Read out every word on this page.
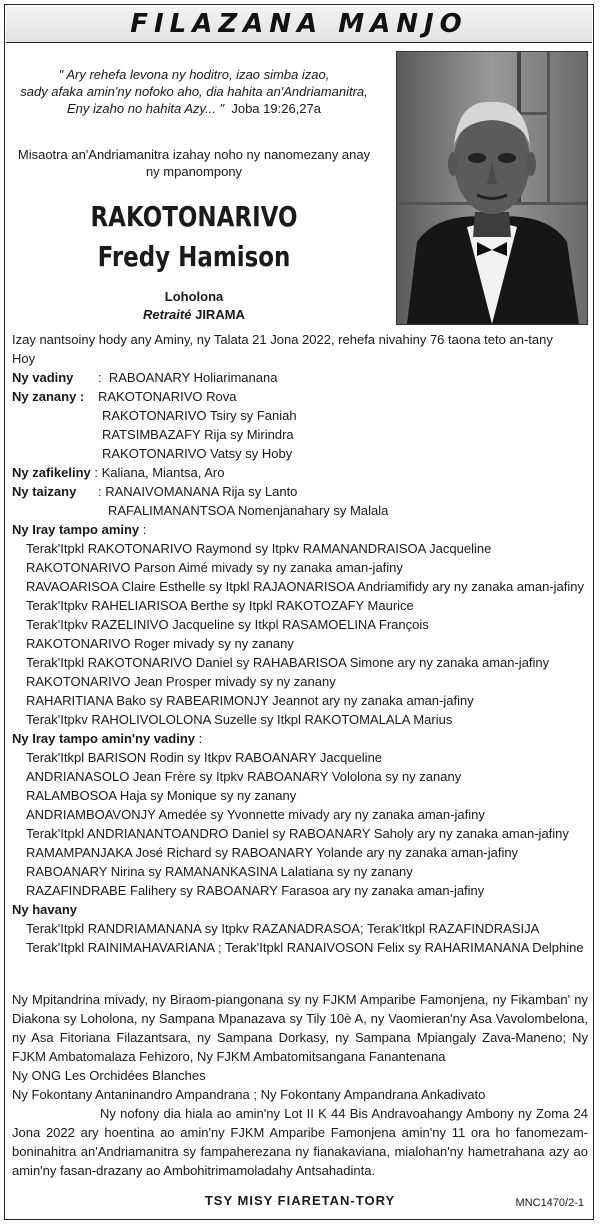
FILAZANA MANJO
" Ary rehefa levona ny hoditro, izao simba izao,
sady afaka amin'ny nofoko aho, dia hahita an'Andriamanitra,
Eny izaho no hahita Azy... " Joba 19:26,27a
Misaotra an'Andriamanitra izahay noho ny nanomezany anay
ny mpanompony
RAKOTONARIVO
Fredy Hamison
Loholona
Retraité JIRAMA
Izay nantsoiny hody any Aminy, ny Talata 21 Jona 2022, rehefa nivahiny 76 taona teto an-tany
Hoy
Ny vadiny :  RABOANARY Holiarimanana
Ny zanany : RAKOTONARIVO Rova
RAKOTONARIVO Tsiry sy Faniah
RATSIMBAZAFY Rija sy Mirindra
RAKOTONARIVO Vatsy sy Hoby
Ny zafikeliny : Kaliana, Miantsa, Aro
Ny taizany : RANAIVOMANANA Rija sy Lanto
RAFALIMANANTSOA Nomenjanahary sy Malala
Ny Iray tampo aminy :
Terak'Itpkl RAKOTONARIVO Raymond sy Itpkv RAMANANDRAISOA Jacqueline
RAKOTONARIVO Parson Aimé mivady sy ny zanaka aman-jafiny
RAVAOARISOA Claire Esthelle sy Itpkl RAJAONARISOA Andriamifidy ary ny zanaka aman-jafiny
Terak'Itpkv RAHELIARISOA Berthe sy Itpkl RAKOTOZAFY Maurice
Terak'Itpkv RAZELINIVO Jacqueline sy Itkpl RASAMOELINA François
RAKOTONARIVO Roger mivady sy ny zanany
Terak'Itpkl RAKOTONARIVO Daniel sy RAHABARISOA Simone ary ny zanaka aman-jafiny
RAKOTONARIVO Jean Prosper mivady sy ny zanany
RAHARITIANA Bako sy RABEARIMONJY Jeannot ary ny zanaka aman-jafiny
Terak'Itpkv RAHOLIVOLOLONA Suzelle sy Itkpl RAKOTOMALALA Marius
Ny Iray tampo amin'ny vadiny :
Terak'Itkpl BARISON Rodin sy Itkpv RABOANARY Jacqueline
ANDRIANASOLO Jean Frère sy Itpkv RABOANARY Vololona sy ny zanany
RALAMBOSOA Haja sy Monique sy ny zanany
ANDRIAMBOAVONJY Amedée sy Yvonnette mivady ary ny zanaka aman-jafiny
Terak'Itpkl ANDRIANANTOANDRO Daniel sy RABOANARY Saholy ary ny zanaka aman-jafiny
RAMAMPANJAKA José Richard sy RABOANARY Yolande ary ny zanaka aman-jafiny
RABOANARY Nirina sy RAMANANKASINA Lalatiana sy ny zanany
RAZAFINDRABE Falihery sy RABOANARY Farasoa ary ny zanaka aman-jafiny
Ny havany
Terak'Itpkl RANDRIAMANANA sy Itpkv RAZANADRASOA; Terak'Itkpl RAZAFINDRASIJA
Terak'Itpkl RAINIMAHAVARIANA ; Terak'Itpkl RANAIVOSON Felix sy RAHARIMANANA Delphine
Ny Mpitandrina mivady, ny Biraom-piangonana sy ny FJKM Amparibe Famonjena, ny Fikamban' ny Diakona sy Loholona, ny Sampana Mpanazava sy Tily 10è A, ny Vaomieran'ny Asa Vavolombelona, ny Asa Fitoriana Filazantsara, ny Sampana Dorkasy, ny Sampana Mpiangaly Zava-Maneno; Ny FJKM Ambatomalaza Fehizoro, Ny FJKM Ambatomitsangana Fanantenana
Ny ONG Les Orchidées Blanches
Ny Fokontany Antaninandro Ampandrana ; Ny Fokontany Ampandrana Ankadivato
Ny nofony dia hiala ao amin'ny Lot II K 44 Bis Andravoahangy Ambony ny Zoma 24 Jona 2022 ary hoentina ao amin'ny FJKM Amparibe Famonjena amin'ny 11 ora ho fanomezam-boninahitra an'Andriamanitra sy fampaherezana ny fianakaviana, mialohan'ny hametrahana azy ao amin'ny fasan-drazany ao Ambohitrimamoladahy Antsahadinta.
TSY MISY FIARETAN-TORY	MNC1470/2-1
